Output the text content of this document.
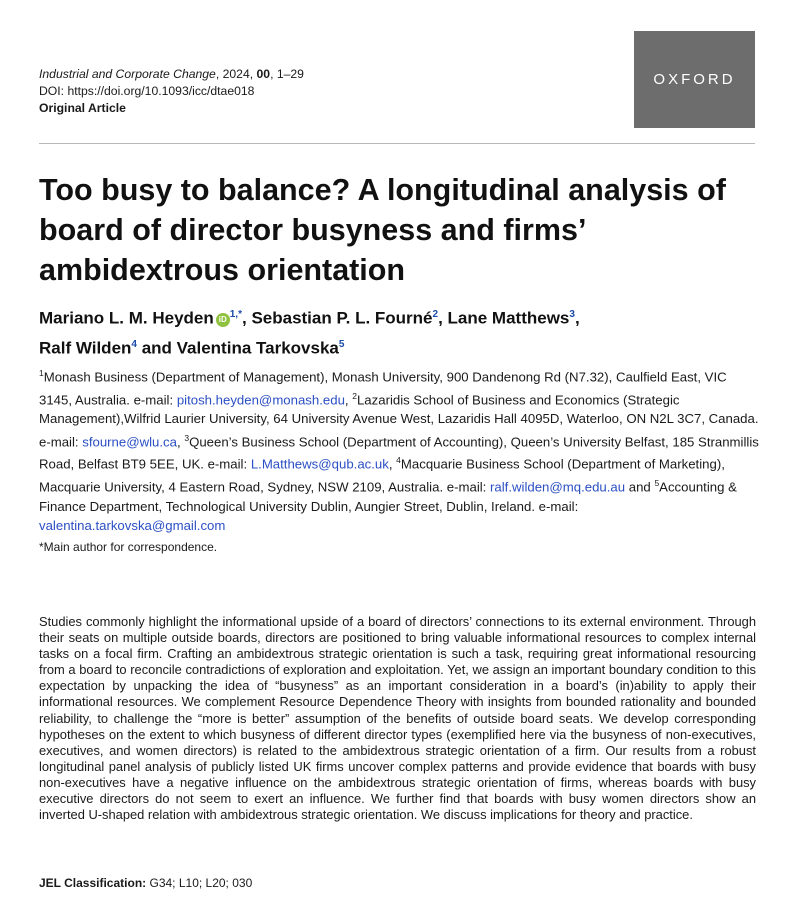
Industrial and Corporate Change, 2024, 00, 1–29
DOI: https://doi.org/10.1093/icc/dtae018
Original Article
OXFORD
Too busy to balance? A longitudinal analysis of board of director busyness and firms’ ambidextrous orientation
Mariano L. M. Heyden iD $^{1,*}$, Sebastian P. L. Fourné$^2$, Lane Matthews$^3$,
Ralf Wilden$^4$ and Valentina Tarkovska$^5$
$^1$Monash Business (Department of Management), Monash University, 900 Dandenong Rd (N7.32), Caulfield East, VIC 3145, Australia. e-mail: pitosh.heyden@monash.edu, $^2$Lazaridis School of Business and Economics (Strategic Management),Wilfrid Laurier University, 64 University Avenue West, Lazaridis Hall 4095D, Waterloo, ON N2L 3C7, Canada. e-mail: sfourne@wlu.ca, $^3$Queen’s Business School (Department of Accounting), Queen’s University Belfast, 185 Stranmillis Road, Belfast BT9 5EE, UK. e-mail: L.Matthews@qub.ac.uk, $^4$Macquarie Business School (Department of Marketing), Macquarie University, 4 Eastern Road, Sydney, NSW 2109, Australia. e-mail: ralf.wilden@mq.edu.au and $^5$Accounting & Finance Department, Technological University Dublin, Aungier Street, Dublin, Ireland. e-mail: valentina.tarkovska@gmail.com
*Main author for correspondence.
Studies commonly highlight the informational upside of a board of directors’ connections to its external environment. Through their seats on multiple outside boards, directors are positioned to bring valuable informational resources to complex internal tasks on a focal firm. Crafting an ambidextrous strategic orientation is such a task, requiring great informational resourcing from a board to reconcile contradictions of exploration and exploitation. Yet, we assign an important boundary condition to this expectation by unpacking the idea of “busyness” as an important consideration in a board’s (in)ability to apply their informational resources. We complement Resource Dependence Theory with insights from bounded rationality and bounded reliability, to challenge the “more is better” assumption of the benefits of outside board seats. We develop corresponding hypotheses on the extent to which busyness of different director types (exemplified here via the busyness of non-executives, executives, and women directors) is related to the ambidextrous strategic orientation of a firm. Our results from a robust longitudinal panel analysis of publicly listed UK firms uncover complex patterns and provide evidence that boards with busy non-executives have a negative influence on the ambidextrous strategic orientation of firms, whereas boards with busy executive directors do not seem to exert an influence. We further find that boards with busy women directors show an inverted U-shaped relation with ambidextrous strategic orientation. We discuss implications for theory and practice.
JEL Classification: G34; L10; L20; 030
